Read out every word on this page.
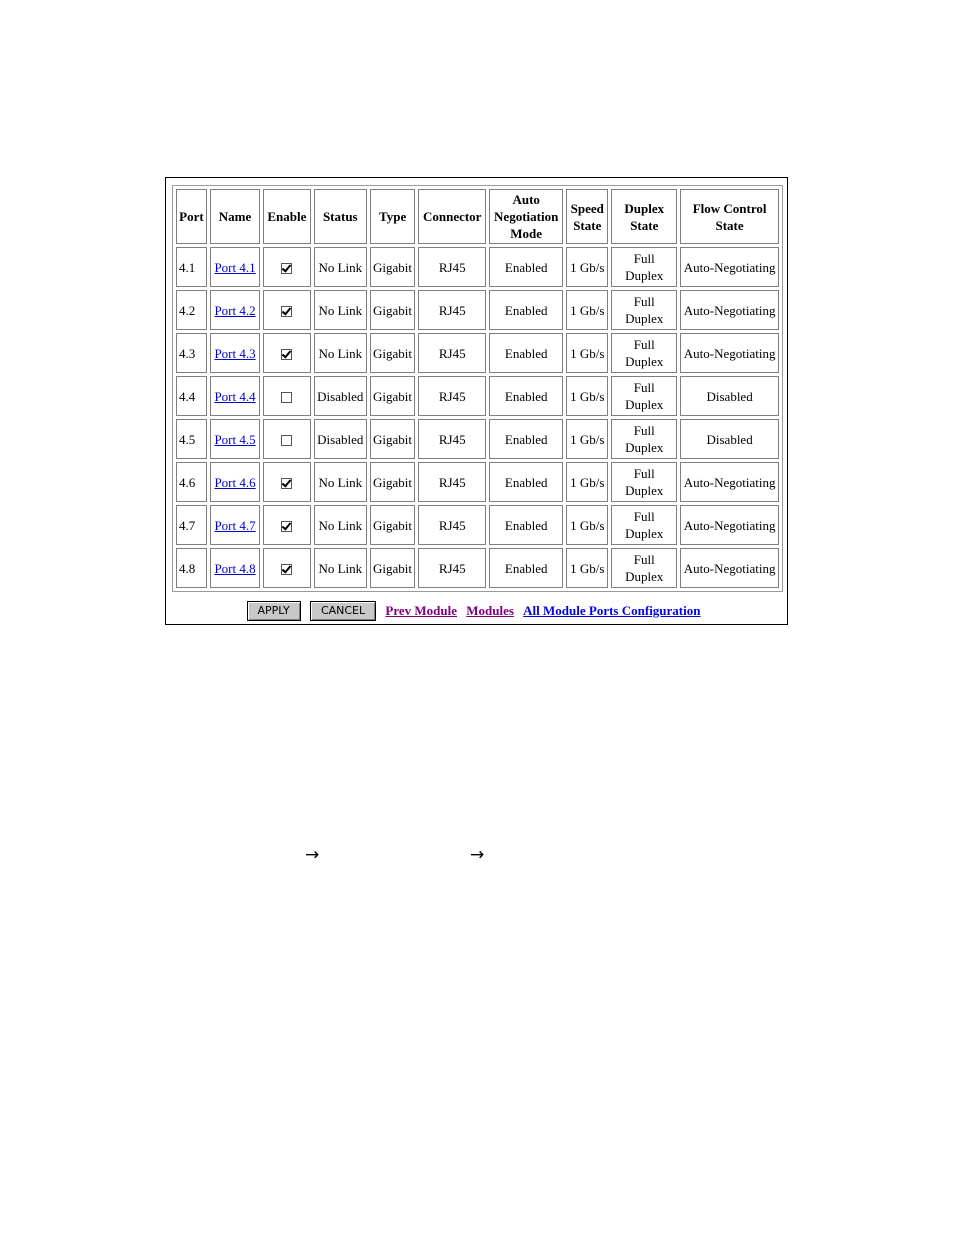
Port	Name	Enable	Status	Type	Connector	Auto Negotiation Mode	Speed State	Duplex State	Flow Control State
4.1	Port 4.1		No Link	Gigabit	RJ45	Enabled	1 Gb/s	Full Duplex	Auto-Negotiating
4.2	Port 4.2		No Link	Gigabit	RJ45	Enabled	1 Gb/s	Full Duplex	Auto-Negotiating
4.3	Port 4.3		No Link	Gigabit	RJ45	Enabled	1 Gb/s	Full Duplex	Auto-Negotiating
4.4	Port 4.4		Disabled	Gigabit	RJ45	Enabled	1 Gb/s	Full Duplex	Disabled
4.5	Port 4.5		Disabled	Gigabit	RJ45	Enabled	1 Gb/s	Full Duplex	Disabled
4.6	Port 4.6		No Link	Gigabit	RJ45	Enabled	1 Gb/s	Full Duplex	Auto-Negotiating
4.7	Port 4.7		No Link	Gigabit	RJ45	Enabled	1 Gb/s	Full Duplex	Auto-Negotiating
4.8	Port 4.8		No Link	Gigabit	RJ45	Enabled	1 Gb/s	Full Duplex	Auto-Negotiating
APPLY	CANCEL Prev Module Modules All Module Ports Configuration
→	→
